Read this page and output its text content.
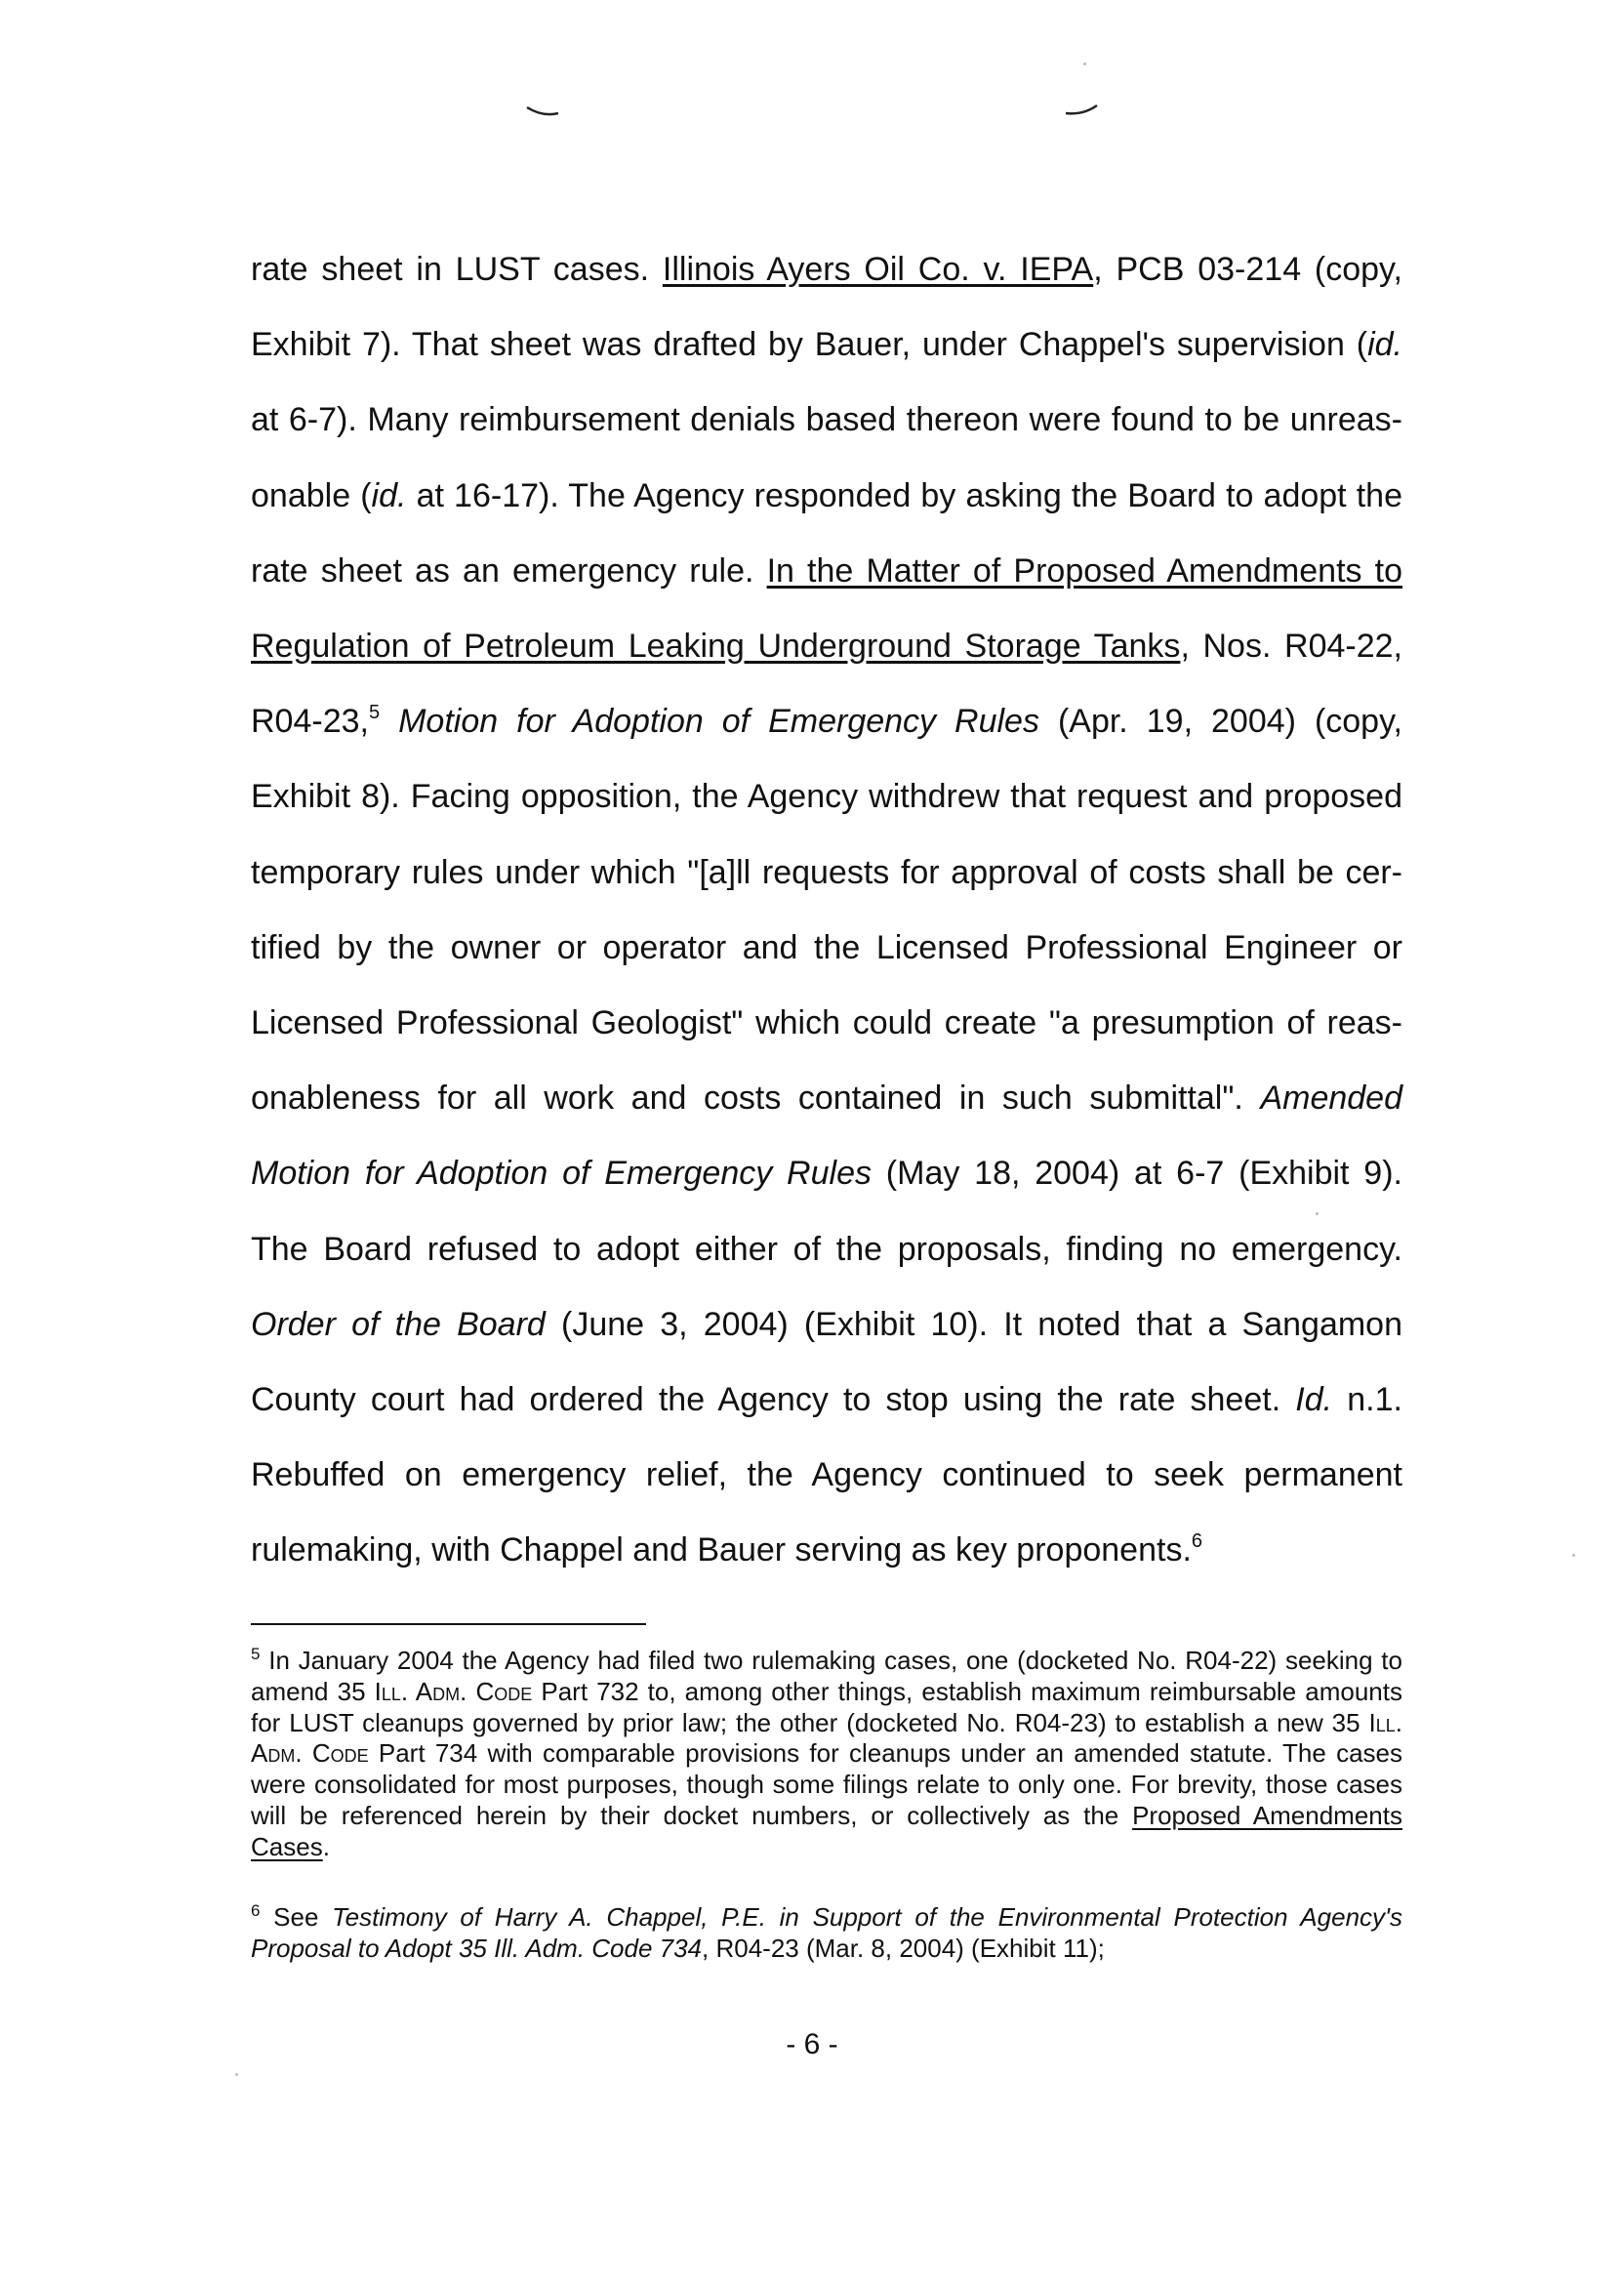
rate sheet in LUST cases. Illinois Ayers Oil Co. v. IEPA, PCB 03-214 (copy, Exhibit 7). That sheet was drafted by Bauer, under Chappel's supervision (id. at 6-7). Many reimbursement denials based thereon were found to be unreas-onable (id. at 16-17). The Agency responded by asking the Board to adopt the rate sheet as an emergency rule. In the Matter of Proposed Amendments to Regulation of Petroleum Leaking Underground Storage Tanks, Nos. R04-22, R04-23,$^5$ Motion for Adoption of Emergency Rules (Apr. 19, 2004) (copy, Exhibit 8). Facing opposition, the Agency withdrew that request and proposed temporary rules under which "[a]ll requests for approval of costs shall be cer-tified by the owner or operator and the Licensed Professional Engineer or Licensed Professional Geologist" which could create "a presumption of reas-onableness for all work and costs contained in such submittal". Amended Motion for Adoption of Emergency Rules (May 18, 2004) at 6-7 (Exhibit 9). The Board refused to adopt either of the proposals, finding no emergency. Order of the Board (June 3, 2004) (Exhibit 10). It noted that a Sangamon County court had ordered the Agency to stop using the rate sheet. Id. n.1. Rebuffed on emergency relief, the Agency continued to seek permanent rulemaking, with Chappel and Bauer serving as key proponents.$^6$

$^5$ In January 2004 the Agency had filed two rulemaking cases, one (docketed No. R04-22) seeking to amend 35 Ill. Adm. Code Part 732 to, among other things, establish maximum reimbursable amounts for LUST cleanups governed by prior law; the other (docketed No. R04-23) to establish a new 35 Ill. Adm. Code Part 734 with comparable provisions for cleanups under an amended statute. The cases were consolidated for most purposes, though some filings relate to only one. For brevity, those cases will be referenced herein by their docket numbers, or collectively as the Proposed Amendments Cases.

$^6$ See Testimony of Harry A. Chappel, P.E. in Support of the Environmental Protection Agency's Proposal to Adopt 35 Ill. Adm. Code 734, R04-23 (Mar. 8, 2004) (Exhibit 11);

- 6 -
